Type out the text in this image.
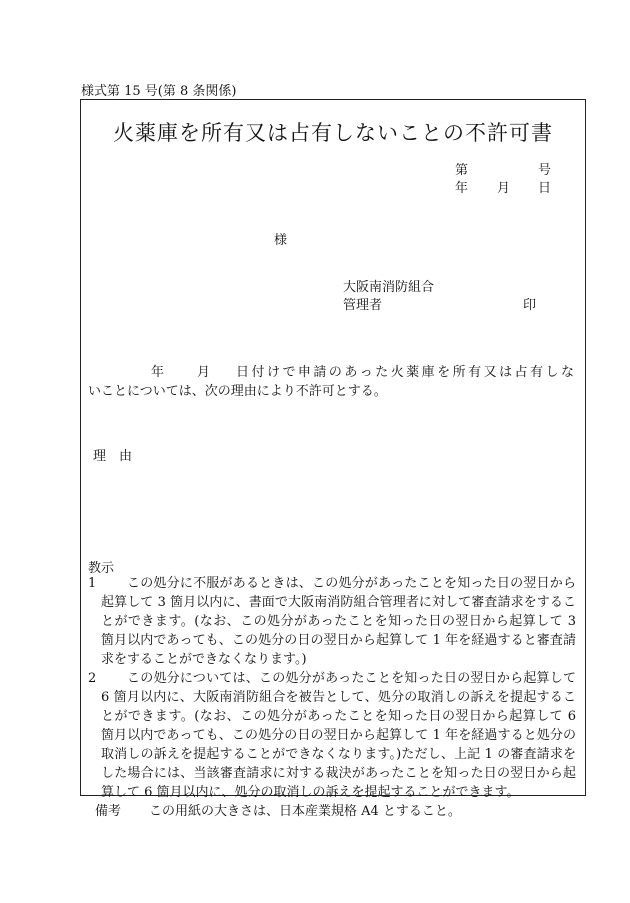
様式第 15 号(第 8 条関係)
火薬庫を所有又は占有しないことの不許可書
第	号
年 月 日
様
大阪南消防組合
管理者	印
年	月 日付けで申請のあった火薬庫を所有又は占有しな
いことについては、次の理由により不許可とする。
理　由
教示
1	この処分に不服があるときは、この処分があったことを知った日の翌日から起算して 3 箇月以内に、書面で大阪南消防組合管理者に対して審査請求をすることができます。(なお、この処分があったことを知った日の翌日から起算して 3 箇月以内であっても、この処分の日の翌日から起算して 1 年を経過すると審査請求をすることができなくなります。)
2	この処分については、この処分があったことを知った日の翌日から起算して 6 箇月以内に、大阪南消防組合を被告として、処分の取消しの訴えを提起することができます。(なお、この処分があったことを知った日の翌日から起算して 6 箇月以内であっても、この処分の日の翌日から起算して 1 年を経過すると処分の取消しの訴えを提起することができなくなります。)ただし、上記 1 の審査請求をした場合には、当該審査請求に対する裁決があったことを知った日の翌日から起算して 6 箇月以内に、処分の取消しの訴えを提起することができます。
備考 この用紙の大きさは、日本産業規格 A4 とすること。
